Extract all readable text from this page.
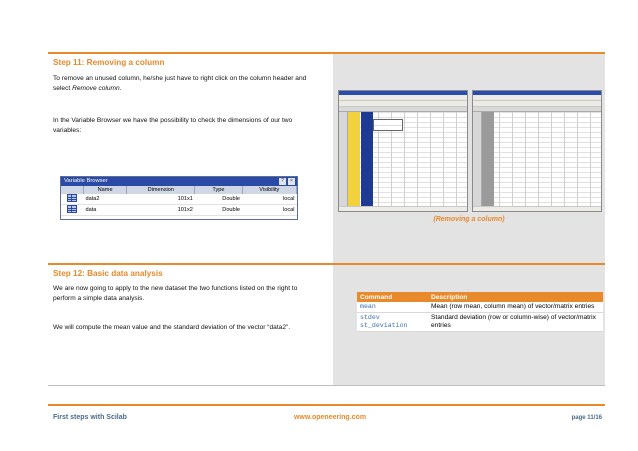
Step 11: Removing a column

To remove an unused column, he/she just have to right click on the column header and select Remove column.

In the Variable Browser we have the possibility to check the dimensions of our two variables:

Variable Browser	?	×
	Name	Dimension	Type	Visibility
	data2	101x1	Double	local
	data	101x2	Double	local

(Removing a column)

Step 12: Basic data analysis

We are now going to apply to the new dataset the two functions listed on the right to perform a simple data analysis.

We will compute the mean value and the standard deviation of the vector “data2”.

Command	Description
mean	Mean (row mean, column mean) of vector/matrix entries
stdev
st_deviation	Standard deviation (row or column-wise) of vector/matrix entries

First steps with Scilab	www.openeering.com	page 11/16
